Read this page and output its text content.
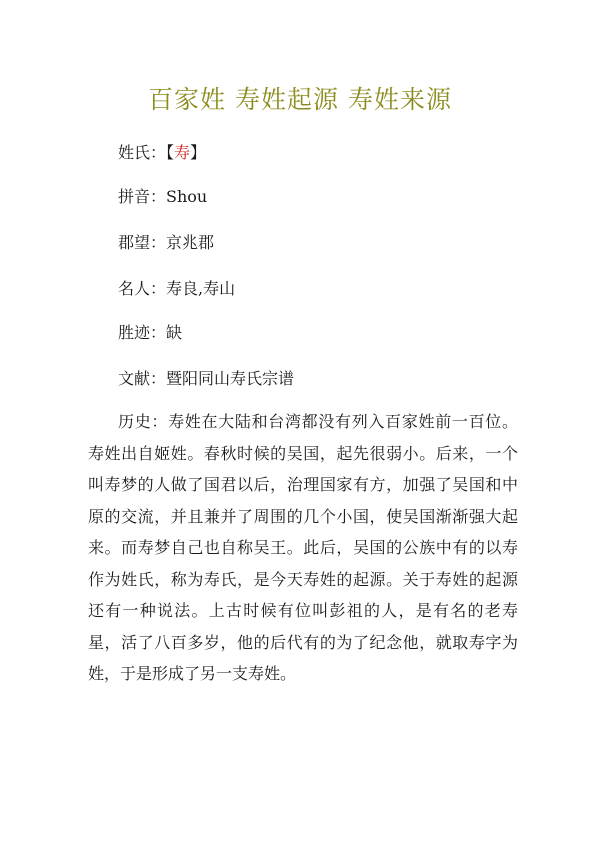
百家姓 寿姓起源 寿姓来源
姓氏：【寿】
拼音：Shou
郡望：京兆郡
名人：寿良,寿山
胜迹：缺
文献：暨阳同山寿氏宗谱

历史：寿姓在大陆和台湾都没有列入百家姓前一百位。寿姓出自姬姓。春秋时候的吴国，起先很弱小。后来，一个叫寿梦的人做了国君以后，治理国家有方，加强了吴国和中原的交流，并且兼并了周围的几个小国，使吴国渐渐强大起来。而寿梦自己也自称吴王。此后，吴国的公族中有的以寿作为姓氏，称为寿氏，是今天寿姓的起源。关于寿姓的起源还有一种说法。上古时候有位叫彭祖的人，是有名的老寿星，活了八百多岁，他的后代有的为了纪念他，就取寿字为姓，于是形成了另一支寿姓。
